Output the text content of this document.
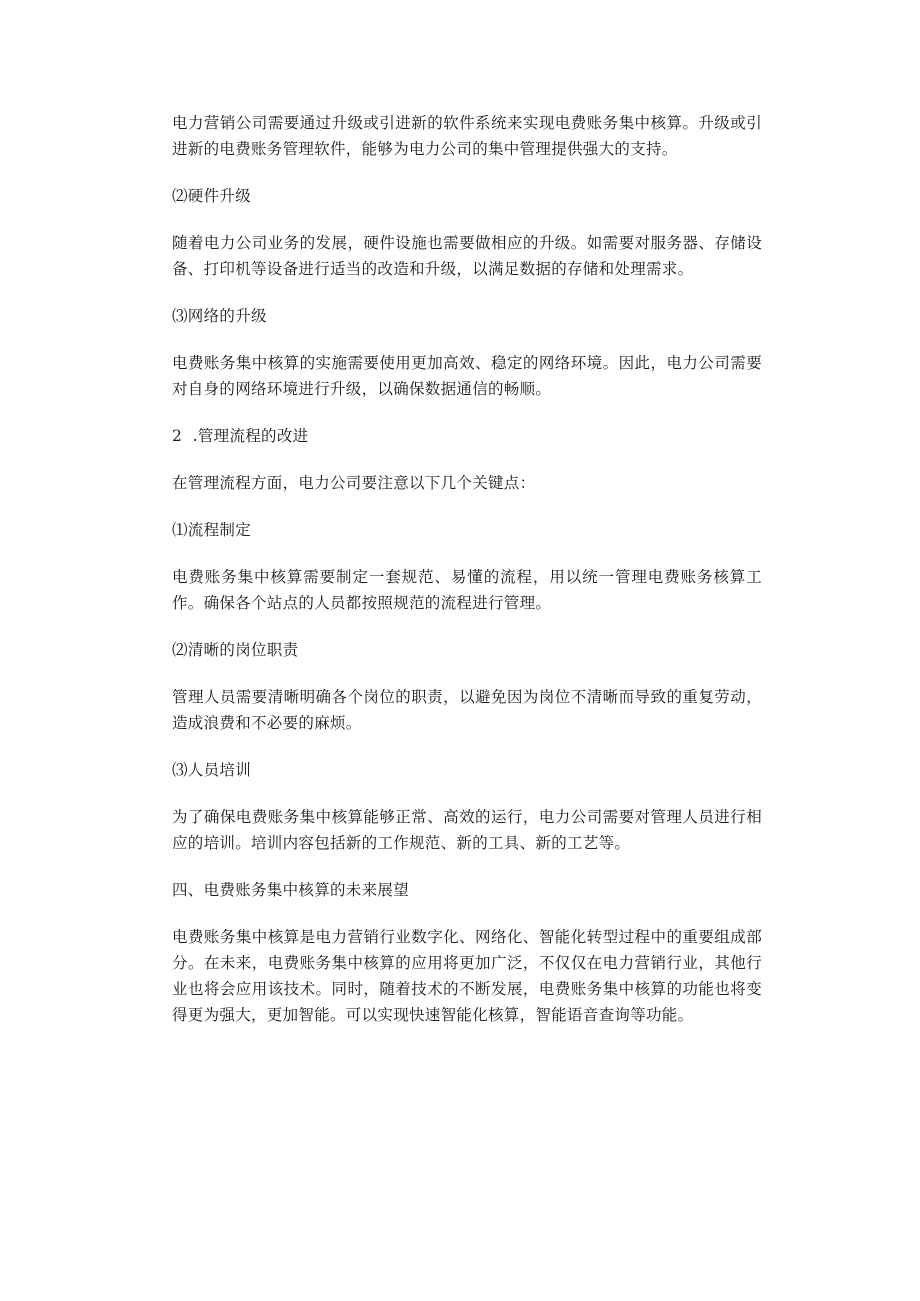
电力营销公司需要通过升级或引进新的软件系统来实现电费账务集中核算。升级或引进新的电费账务管理软件，能够为电力公司的集中管理提供强大的支持。

⑵硬件升级

随着电力公司业务的发展，硬件设施也需要做相应的升级。如需要对服务器、存储设备、打印机等设备进行适当的改造和升级，以满足数据的存储和处理需求。

⑶网络的升级

电费账务集中核算的实施需要使用更加高效、稳定的网络环境。因此，电力公司需要对自身的网络环境进行升级，以确保数据通信的畅顺。

2  .管理流程的改进

在管理流程方面，电力公司要注意以下几个关键点：

⑴流程制定

电费账务集中核算需要制定一套规范、易懂的流程，用以统一管理电费账务核算工作。确保各个站点的人员都按照规范的流程进行管理。

⑵清晰的岗位职责

管理人员需要清晰明确各个岗位的职责，以避免因为岗位不清晰而导致的重复劳动，造成浪费和不必要的麻烦。

⑶人员培训

为了确保电费账务集中核算能够正常、高效的运行，电力公司需要对管理人员进行相应的培训。培训内容包括新的工作规范、新的工具、新的工艺等。

四、电费账务集中核算的未来展望

电费账务集中核算是电力营销行业数字化、网络化、智能化转型过程中的重要组成部分。在未来，电费账务集中核算的应用将更加广泛，不仅仅在电力营销行业，其他行业也将会应用该技术。同时，随着技术的不断发展，电费账务集中核算的功能也将变得更为强大，更加智能。可以实现快速智能化核算，智能语音查询等功能。
